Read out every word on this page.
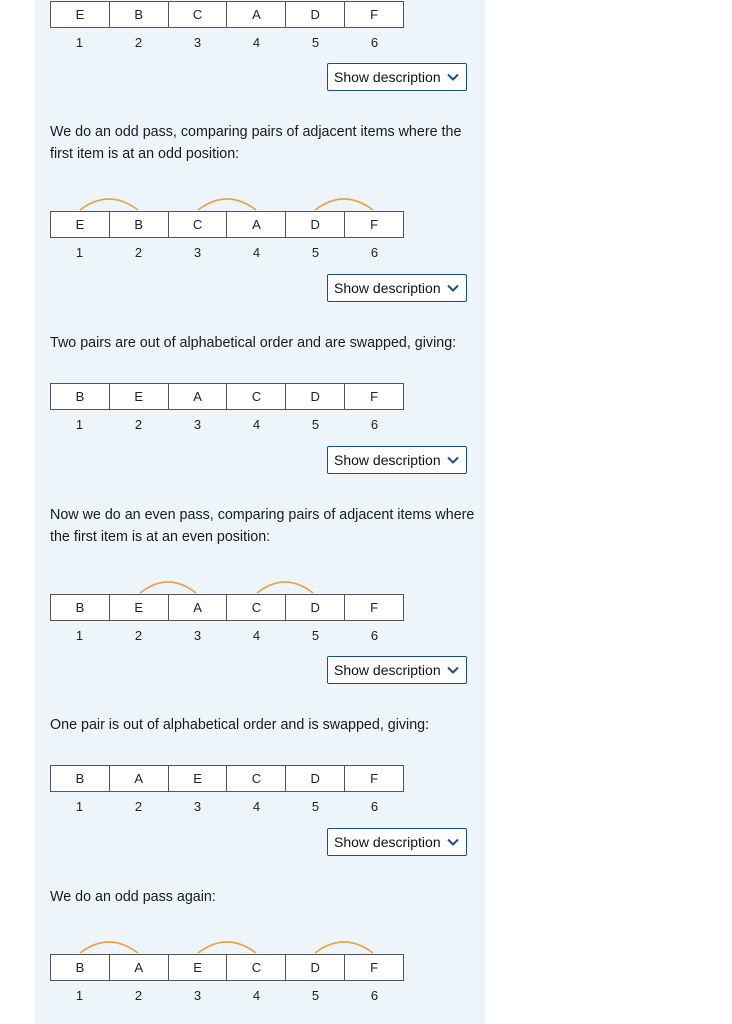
E	B	C	A	D	F
1	2	3	4	5	6
Show description

We do an odd pass, comparing pairs of adjacent items where the first item is at an odd position:

E	B	C	A	D	F
1	2	3	4	5	6
Show description

Two pairs are out of alphabetical order and are swapped, giving:

B	E	A	C	D	F
1	2	3	4	5	6
Show description

Now we do an even pass, comparing pairs of adjacent items where the first item is at an even position:

B	E	A	C	D	F
1	2	3	4	5	6
Show description

One pair is out of alphabetical order and is swapped, giving:

B	A	E	C	D	F
1	2	3	4	5	6
Show description

We do an odd pass again:

B	A	E	C	D	F
1	2	3	4	5	6
